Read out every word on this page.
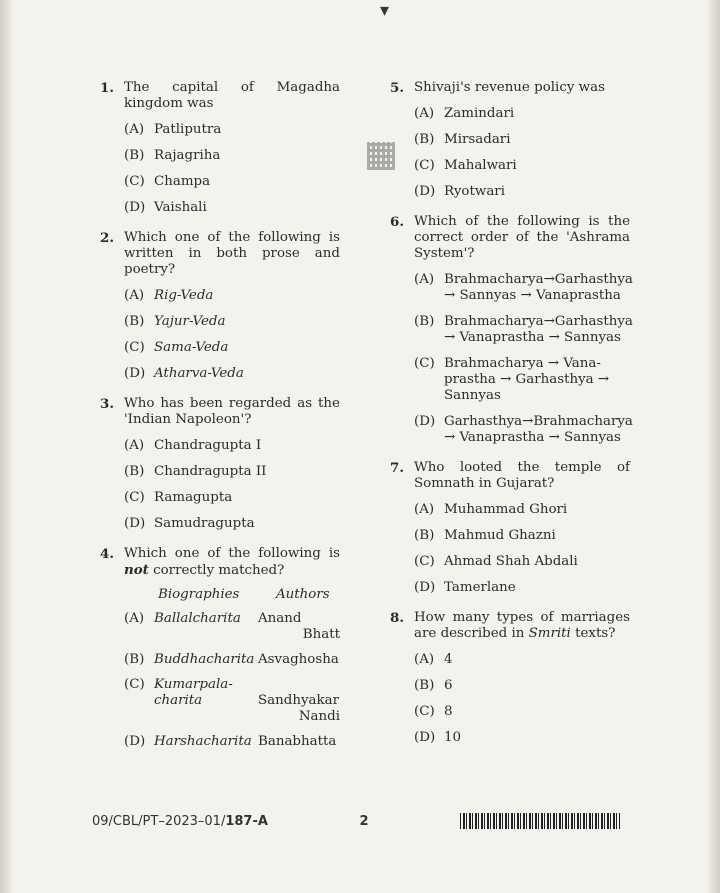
▾
1. The capital of Magadha kingdom was
(A) Patliputra
(B) Rajagriha
(C) Champa
(D) Vaishali
2. Which one of the following is written in both prose and poetry?
(A) Rig-Veda
(B) Yajur-Veda
(C) Sama-Veda
(D) Atharva-Veda
3. Who has been regarded as the 'Indian Napoleon'?
(A) Chandragupta I
(B) Chandragupta II
(C) Ramagupta
(D) Samudragupta
4. Which one of the following is not correctly matched?
Biographies	Authors
(A) Ballalcharita	Anand

Bhatt
(B) Buddhacharita Asvaghosha
(C) Kumarpala-charita	Sandhyakar

Nandi
(D) Harshacharita Banabhatta
5. Shivaji's revenue policy was
(A) Zamindari
(B) Mirsadari
(C) Mahalwari
(D) Ryotwari
6. Which of the following is the correct order of the 'Ashrama System'?
(A) Brahmacharya→Garhasthya → Sannyas → Vanaprastha
(B) Brahmacharya→Garhasthya → Vanaprastha → Sannyas
(C) Brahmacharya → Vana-prastha → Garhasthya → Sannyas
(D) Garhasthya→Brahmacharya → Vanaprastha → Sannyas
7. Who looted the temple of Somnath in Gujarat?
(A) Muhammad Ghori
(B) Mahmud Ghazni
(C) Ahmad Shah Abdali
(D) Tamerlane
8. How many types of marriages are described in Smriti texts?
(A) 4
(B) 6
(C) 8
(D) 10
09/CBL/PT–2023–01/187-A	2
